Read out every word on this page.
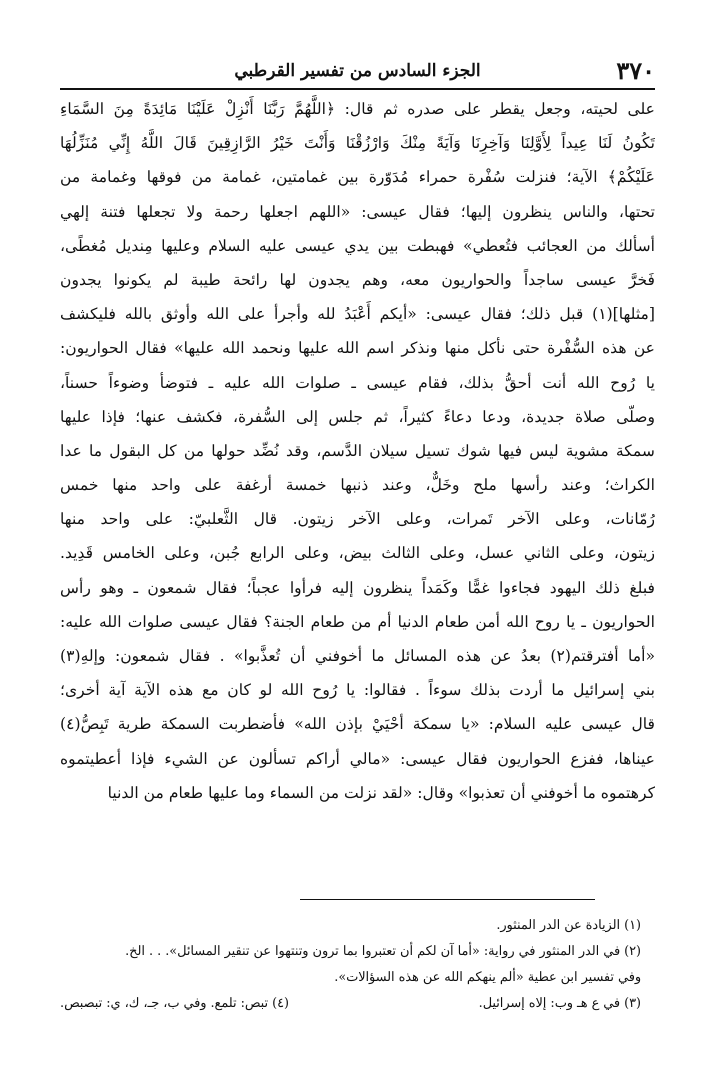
٣٧٠
الجزء السادس من تفسير القرطبي
على لحيته، وجعل يقطر على صدره ثم قال: ﴿اللَّهُمَّ رَبَّنَا أَنْزِلْ عَلَيْنَا مَائِدَةً مِنَ السَّمَاءِ
تَكُونُ لَنَا عِيداً لِأَوَّلِنَا وَآخِرِنَا وَآيَةً مِنْكَ وَارْزُقْنَا وَأَنْتَ خَيْرُ الرَّازِقِينَ قَالَ اللَّهُ إِنِّي مُنَزِّلُهَا
عَلَيْكُمْ﴾ الآية؛ فنزلت سُفْرة حمراء مُدَوّرة بين غمامتين، غمامة من فوقها وغمامة من
تحتها، والناس ينظرون إليها؛ فقال عيسى: «اللهم اجعلها رحمة ولا تجعلها فتنة إلهي
أسألك من العجائب فتُعطي» فهبطت بين يدي عيسى عليه السلام وعليها مِنديل مُغطًى،
فَخرَّ عيسى ساجداً والحواريون معه، وهم يجدون لها رائحة طيبة لم يكونوا يجدون
[مثلها](١) قبل ذلك؛ فقال عيسى: «أيكم أَعْبَدُ لله وأجرأ على الله وأوثق بالله فليكشف
عن هذه السُّفْرة حتى نأكل منها ونذكر اسم الله عليها ونحمد الله عليها» فقال الحواريون:
يا رُوح الله أنت أحقُّ بذلك، فقام عيسى ـ صلوات الله عليه ـ فتوضأ وضوءاً حسناً،
وصلّى صلاة جديدة، ودعا دعاءً كثيراً، ثم جلس إلى السُّفرة، فكشف عنها؛ فإذا عليها
سمكة مشوية ليس فيها شوك تسيل سيلان الدَّسم، وقد نُضِّد حولها من كل البقول ما عدا
الكراث؛ وعند رأسها ملح وخَلٌّ، وعند ذنبها خمسة أرغفة على واحد منها خمس
رُمّانات، وعلى الآخر تَمرات، وعلى الآخر زيتون. قال الثَّعلبيّ: على واحد منها
زيتون، وعلى الثاني عسل، وعلى الثالث بيض، وعلى الرابع جُبن، وعلى الخامس قَدِيد.
فبلغ ذلك اليهود فجاءوا غمًّا وكَمَداً ينظرون إليه فرأوا عجباً؛ فقال شمعون ـ وهو رأس
الحواريون ـ يا روح الله أمن طعام الدنيا أم من طعام الجنة؟ فقال عيسى صلوات الله عليه:
«أما أفترقتم(٢) بعدُ عن هذه المسائل ما أخوفني أن تُعذَّبوا» . فقال شمعون: وإلهِ(٣)
بني إسرائيل ما أردت بذلك سوءاً . فقالوا: يا رُوح الله لو كان مع هذه الآية آية أخرى؛
قال عيسى عليه السلام: «يا سمكة أحْيَيْ بإذن الله» فأضطربت السمكة طرية تَبِصُّ(٤)
عيناها، ففزع الحواريون فقال عيسى: «مالي أراكم تسألون عن الشيء فإذا أعطيتموه
كرهتموه ما أخوفني أن تعذبوا» وقال: «لقد نزلت من السماء وما عليها طعام من الدنيا
(١) الزيادة عن الدر المنثور.
(٢) في الدر المنثور في رواية: «أما آن لكم أن تعتبروا بما ترون وتنتهوا عن تنقير المسائل». . . الخ.
وفي تفسير ابن عطية «ألم ينهكم الله عن هذه السؤالات».
(٣) في ع هـ وب: إلاه إسرائيل.
(٤) تبص: تلمع. وفي ب، جـ، ك، ي: تبصبص.
